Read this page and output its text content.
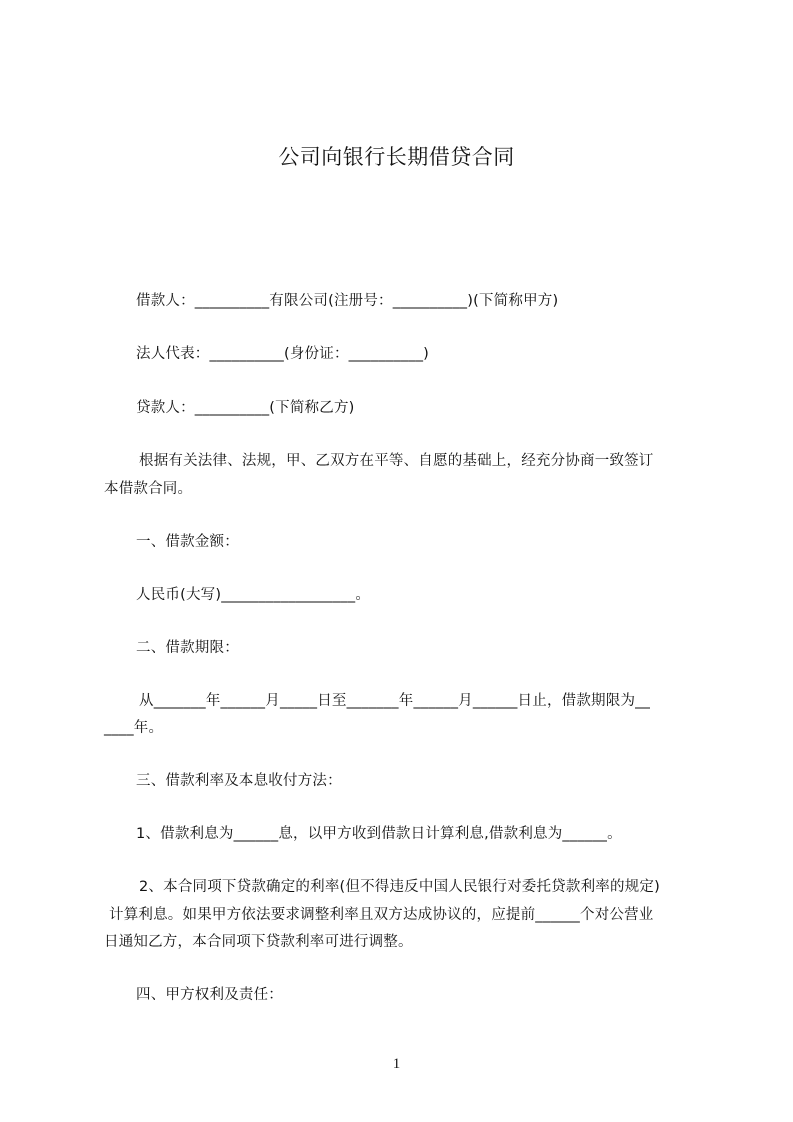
公司向银行长期借贷合同
借款人：__________有限公司(注册号：__________)(下简称甲方)
法人代表：__________(身份证：__________)
贷款人：__________(下简称乙方)
根据有关法律、法规，甲、乙双方在平等、自愿的基础上，经充分协商一致签订
本借款合同。
一、借款金额：
人民币(大写)__________________。
二、借款期限：
从_______年______月_____日至_______年______月______日止，借款期限为__
____年。
三、借款利率及本息收付方法：
1、借款利息为______息，以甲方收到借款日计算利息,借款利息为______。
2、本合同项下贷款确定的利率(但不得违反中国人民银行对委托贷款利率的规定)
计算利息。如果甲方依法要求调整利率且双方达成协议的，应提前______个对公营业
日通知乙方，本合同项下贷款利率可进行调整。
四、甲方权利及责任：
1
